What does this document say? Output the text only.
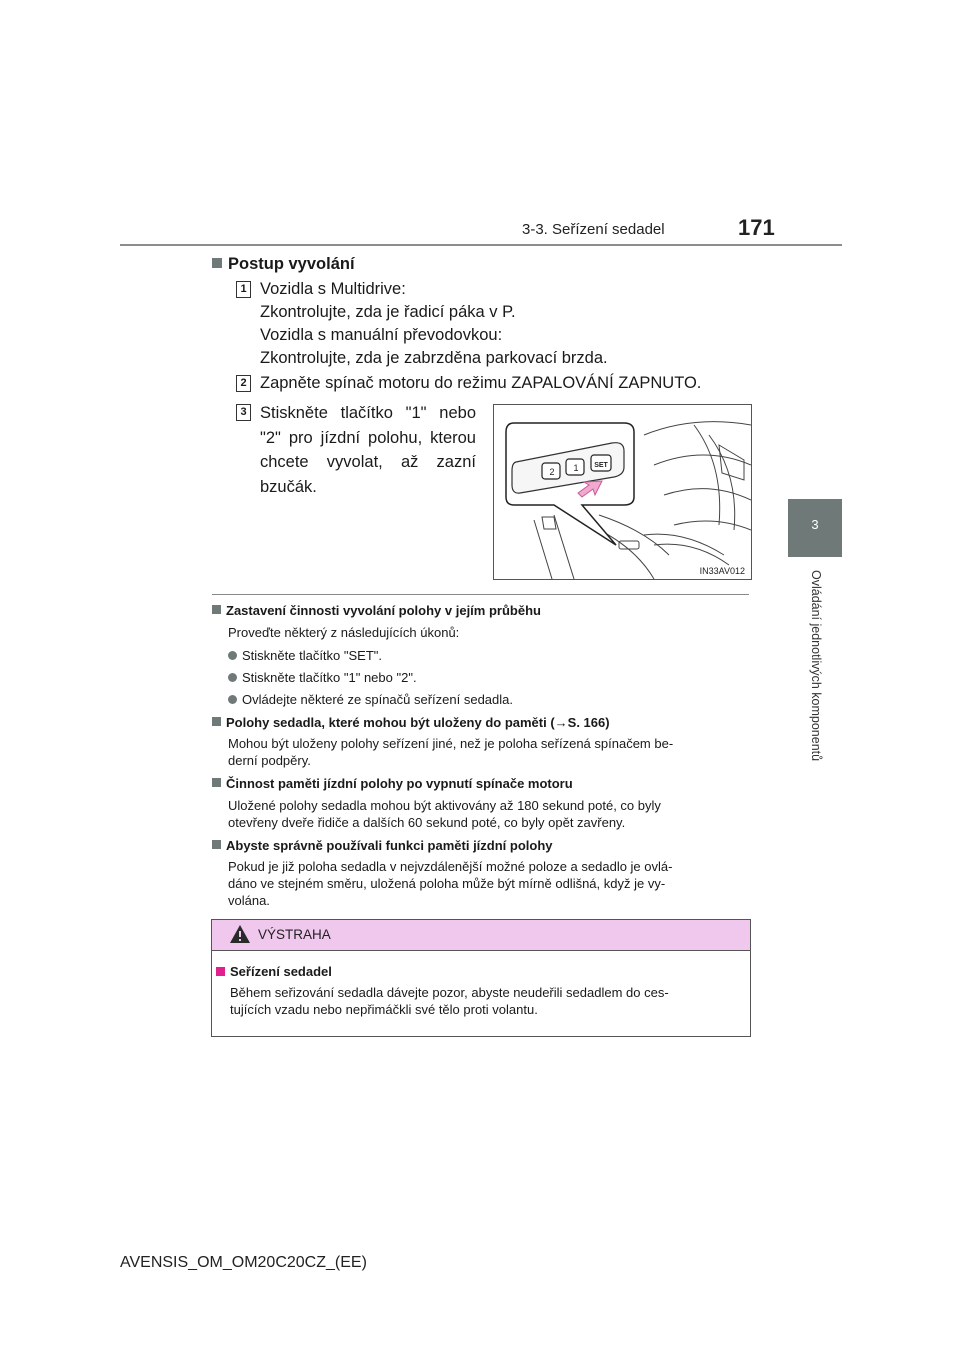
3-3. Seřízení sedadel	171
3
Ovládání jednotlivých komponentů
Postup vyvolání
1 Vozidla s Multidrive:
Zkontrolujte, zda je řadicí páka v P.
Vozidla s manuální převodovkou:
Zkontrolujte, zda je zabrzděna parkovací brzda.
2 Zapněte spínač motoru do režimu ZAPALOVÁNÍ ZAPNUTO.
3 Stiskněte tlačítko "1" nebo "2" pro jízdní polohu, kterou chcete vyvolat, až zazní bzučák.
2 1 SET
IN33AV012
Zastavení činnosti vyvolání polohy v jejím průběhu
Proveďte některý z následujících úkonů:
Stiskněte tlačítko "SET".
Stiskněte tlačítko "1" nebo "2".
Ovládejte některé ze spínačů seřízení sedadla.
Polohy sedadla, které mohou být uloženy do paměti (→S. 166)
Mohou být uloženy polohy seřízení jiné, než je poloha seřízená spínačem be-
derní podpěry.
Činnost paměti jízdní polohy po vypnutí spínače motoru
Uložené polohy sedadla mohou být aktivovány až 180 sekund poté, co byly
otevřeny dveře řidiče a dalších 60 sekund poté, co byly opět zavřeny.
Abyste správně používali funkci paměti jízdní polohy
Pokud je již poloha sedadla v nejvzdálenější možné poloze a sedadlo je ovlá-
dáno ve stejném směru, uložená poloha může být mírně odlišná, když je vy-
volána.
VÝSTRAHA
Seřízení sedadel
Během seřizování sedadla dávejte pozor, abyste neudeřili sedadlem do ces-
tujících vzadu nebo nepřimáčkli své tělo proti volantu.
AVENSIS_OM_OM20C20CZ_(EE)
